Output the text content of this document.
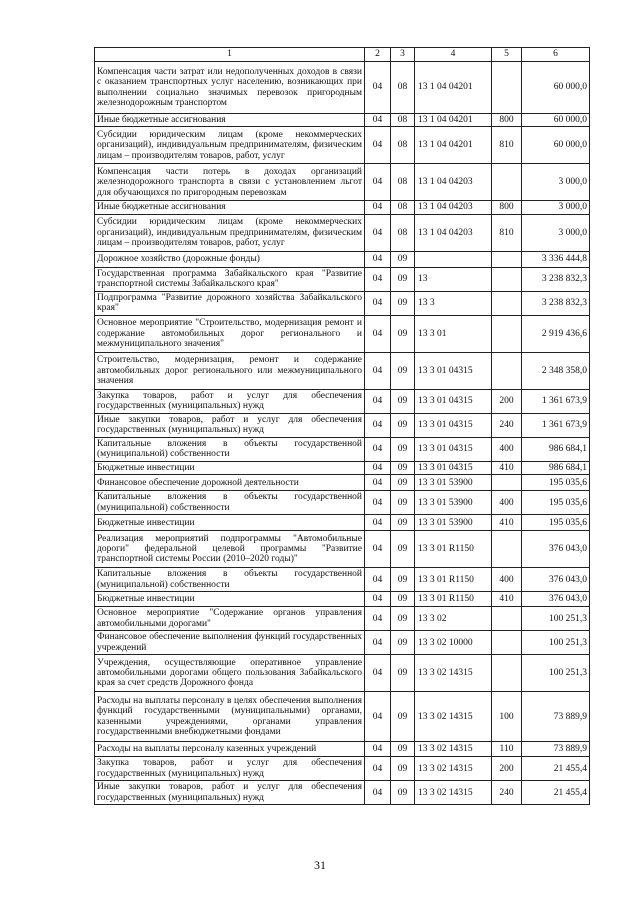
1	2	3	4	5	6
Компенсация части затрат или недополученных доходов в связи с оказанием транспортных услуг населению, возникающих при выполнении социально значимых перевозок пригородным железнодорожным транспортом	04	08	13 1 04 04201		60 000,0
Иные бюджетные ассигнования	04	08	13 1 04 04201	800	60 000,0
Субсидии юридическим лицам (кроме некоммерческих организаций), индивидуальным предпринимателям, физическим лицам – производителям товаров, работ, услуг	04	08	13 1 04 04201	810	60 000,0
Компенсация части потерь в доходах организаций железнодорожного транспорта в связи с установлением льгот для обучающихся по пригородным перевозкам	04	08	13 1 04 04203		3 000,0
Иные бюджетные ассигнования	04	08	13 1 04 04203	800	3 000,0
Субсидии юридическим лицам (кроме некоммерческих организаций), индивидуальным предпринимателям, физическим лицам – производителям товаров, работ, услуг	04	08	13 1 04 04203	810	3 000,0
Дорожное хозяйство (дорожные фонды)	04	09			3 336 444,8
Государственная программа Забайкальского края "Развитие транспортной системы Забайкальского края"	04	09	13		3 238 832,3
Подпрограмма "Развитие дорожного хозяйства Забайкальского края"	04	09	13 3		3 238 832,3
Основное мероприятие "Строительство, модернизация ремонт и содержание автомобильных дорог регионального и межмуниципального значения"	04	09	13 3 01		2 919 436,6
Строительство, модернизация, ремонт и содержание автомобильных дорог регионального или межмуниципального значения	04	09	13 3 01 04315		2 348 358,0
Закупка товаров, работ и услуг для обеспечения государственных (муниципальных) нужд	04	09	13 3 01 04315	200	1 361 673,9
Иные закупки товаров, работ и услуг для обеспечения государственных (муниципальных) нужд	04	09	13 3 01 04315	240	1 361 673,9
Капитальные вложения в объекты государственной (муниципальной) собственности	04	09	13 3 01 04315	400	986 684,1
Бюджетные инвестиции	04	09	13 3 01 04315	410	986 684,1
Финансовое обеспечение дорожной деятельности	04	09	13 3 01 53900		195 035,6
Капитальные вложения в объекты государственной (муниципальной) собственности	04	09	13 3 01 53900	400	195 035,6
Бюджетные инвестиции	04	09	13 3 01 53900	410	195 035,6
Реализация мероприятий подпрограммы "Автомобильные дороги" федеральной целевой программы "Развитие транспортной системы России (2010–2020 годы)"	04	09	13 3 01 R1150		376 043,0
Капитальные вложения в объекты государственной (муниципальной) собственности	04	09	13 3 01 R1150	400	376 043,0
Бюджетные инвестиции	04	09	13 3 01 R1150	410	376 043,0
Основное мероприятие "Содержание органов управления автомобильными дорогами"	04	09	13 3 02		100 251,3
Финансовое обеспечение выполнения функций государственных учреждений	04	09	13 3 02 10000		100 251,3
Учреждения, осуществляющие оперативное управление автомобильными дорогами общего пользования Забайкальского края за счет средств Дорожного фонда	04	09	13 3 02 14315		100 251,3
Расходы на выплаты персоналу в целях обеспечения выполнения функций государственными (муниципальными) органами, казенными учреждениями, органами управления государственными внебюджетными фондами	04	09	13 3 02 14315	100	73 889,9
Расходы на выплаты персоналу казенных учреждений	04	09	13 3 02 14315	110	73 889,9
Закупка товаров, работ и услуг для обеспечения государственных (муниципальных) нужд	04	09	13 3 02 14315	200	21 455,4
Иные закупки товаров, работ и услуг для обеспечения государственных (муниципальных) нужд	04	09	13 3 02 14315	240	21 455,4
31
